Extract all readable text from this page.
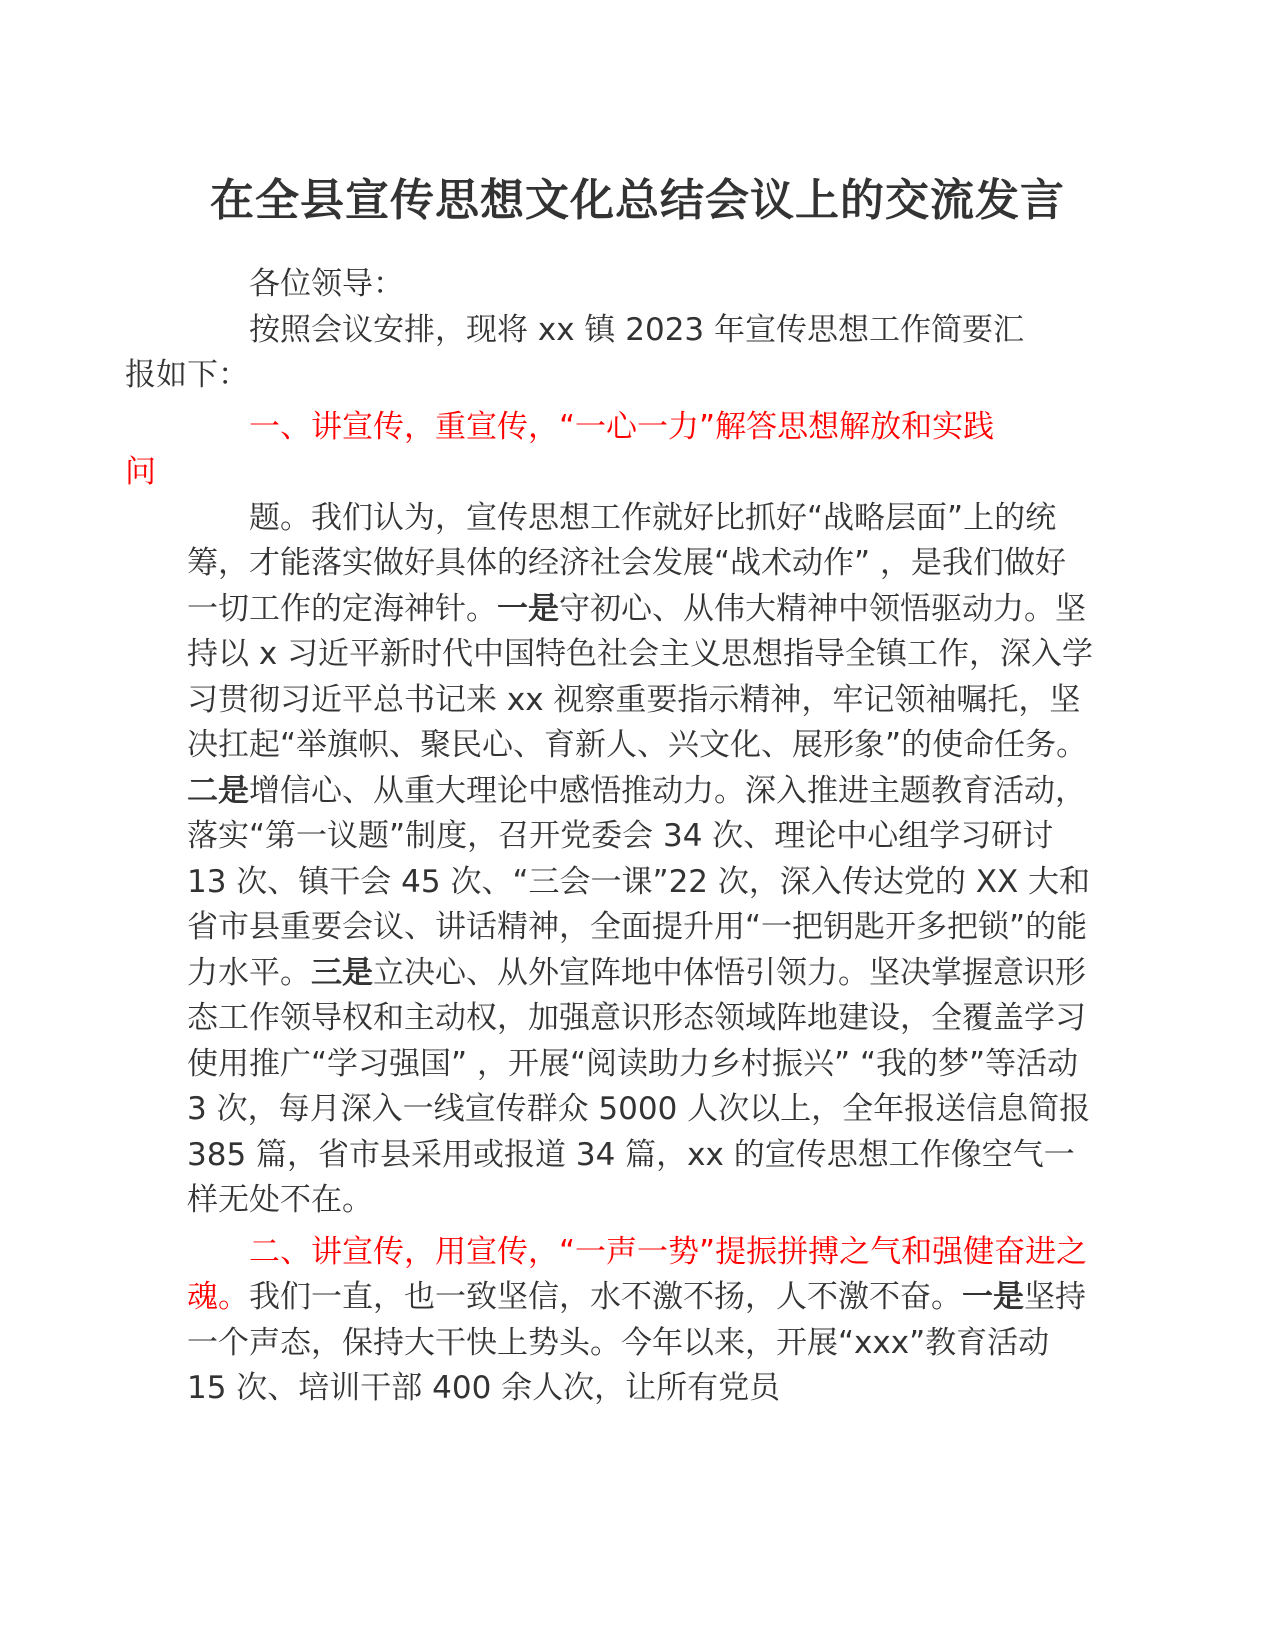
在全县宣传思想文化总结会议上的交流发言

各位领导：

按照会议安排，现将 xx 镇 2023 年宣传思想工作简要汇
报如下：

一、讲宣传，重宣传，“一心一力”解答思想解放和实践
问

题。我们认为，宣传思想工作就好比抓好“战略层面”上的统筹，才能落实做好具体的经济社会发展“战术动作” ，是我们做好一切工作的定海神针。一是守初心、从伟大精神中领悟驱动力。坚持以 x 习近平新时代中国特色社会主义思想指导全镇工作，深入学习贯彻习近平总书记来 xx 视察重要指示精神，牢记领袖嘱托，坚决扛起“举旗帜、聚民心、育新人、兴文化、展形象”的使命任务。二是增信心、从重大理论中感悟推动力。深入推进主题教育活动，落实“第一议题”制度，召开党委会 34 次、理论中心组学习研讨 13 次、镇干会 45 次、“三会一课”22 次，深入传达党的 XX 大和省市县重要会议、讲话精神，全面提升用“一把钥匙开多把锁”的能力水平。三是立决心、从外宣阵地中体悟引领力。坚决掌握意识形态工作领导权和主动权，加强意识形态领域阵地建设，全覆盖学习使用推广“学习强国” ，开展“阅读助力乡村振兴” “我的梦”等活动 3 次，每月深入一线宣传群众 5000 人次以上，全年报送信息简报 385 篇，省市县采用或报道 34 篇，xx 的宣传思想工作像空气一样无处不在。

二、讲宣传，用宣传，“一声一势”提振拼搏之气和强健奋进之魂。我们一直，也一致坚信，水不激不扬，人不激不奋。一是坚持一个声态，保持大干快上势头。今年以来，开展“xxx”教育活动 15 次、培训干部 400 余人次，让所有党员
